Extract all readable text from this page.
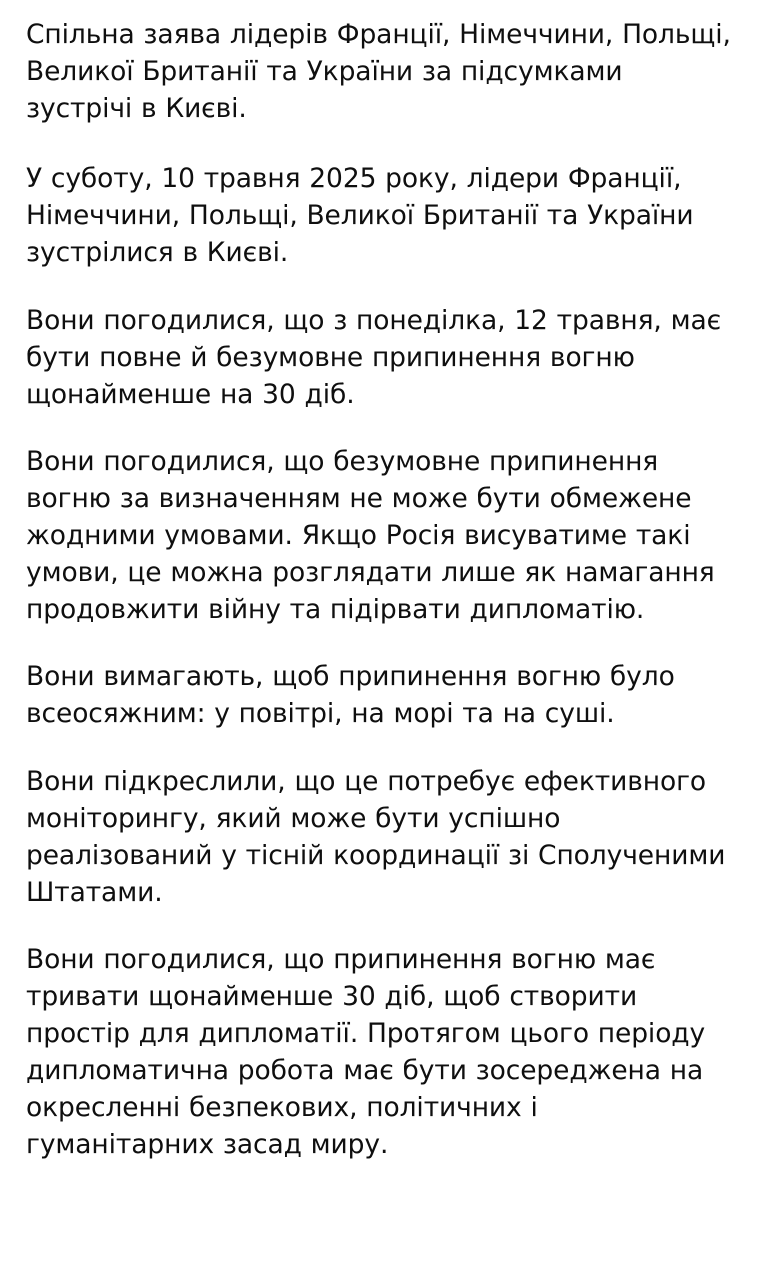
Спільна заява лідерів Франції, Німеччини, Польщі, Великої Британії та України за підсумками зустрічі в Києві.

У суботу, 10 травня 2025 року, лідери Франції, Німеччини, Польщі, Великої Британії та України зустрілися в Києві.

Вони погодилися, що з понеділка, 12 травня, має бути повне й безумовне припинення вогню щонайменше на 30 діб.

Вони погодилися, що безумовне припинення вогню за визначенням не може бути обмежене жодними умовами. Якщо Росія висуватиме такі умови, це можна розглядати лише як намагання продовжити війну та підірвати дипломатію.

Вони вимагають, щоб припинення вогню було всеосяжним: у повітрі, на морі та на суші.

Вони підкреслили, що це потребує ефективного моніторингу, який може бути успішно реалізований у тісній координації зі Сполученими Штатами.

Вони погодилися, що припинення вогню має тривати щонайменше 30 діб, щоб створити простір для дипломатії. Протягом цього періоду дипломатична робота має бути зосереджена на окресленні безпекових, політичних і гуманітарних засад миру.
